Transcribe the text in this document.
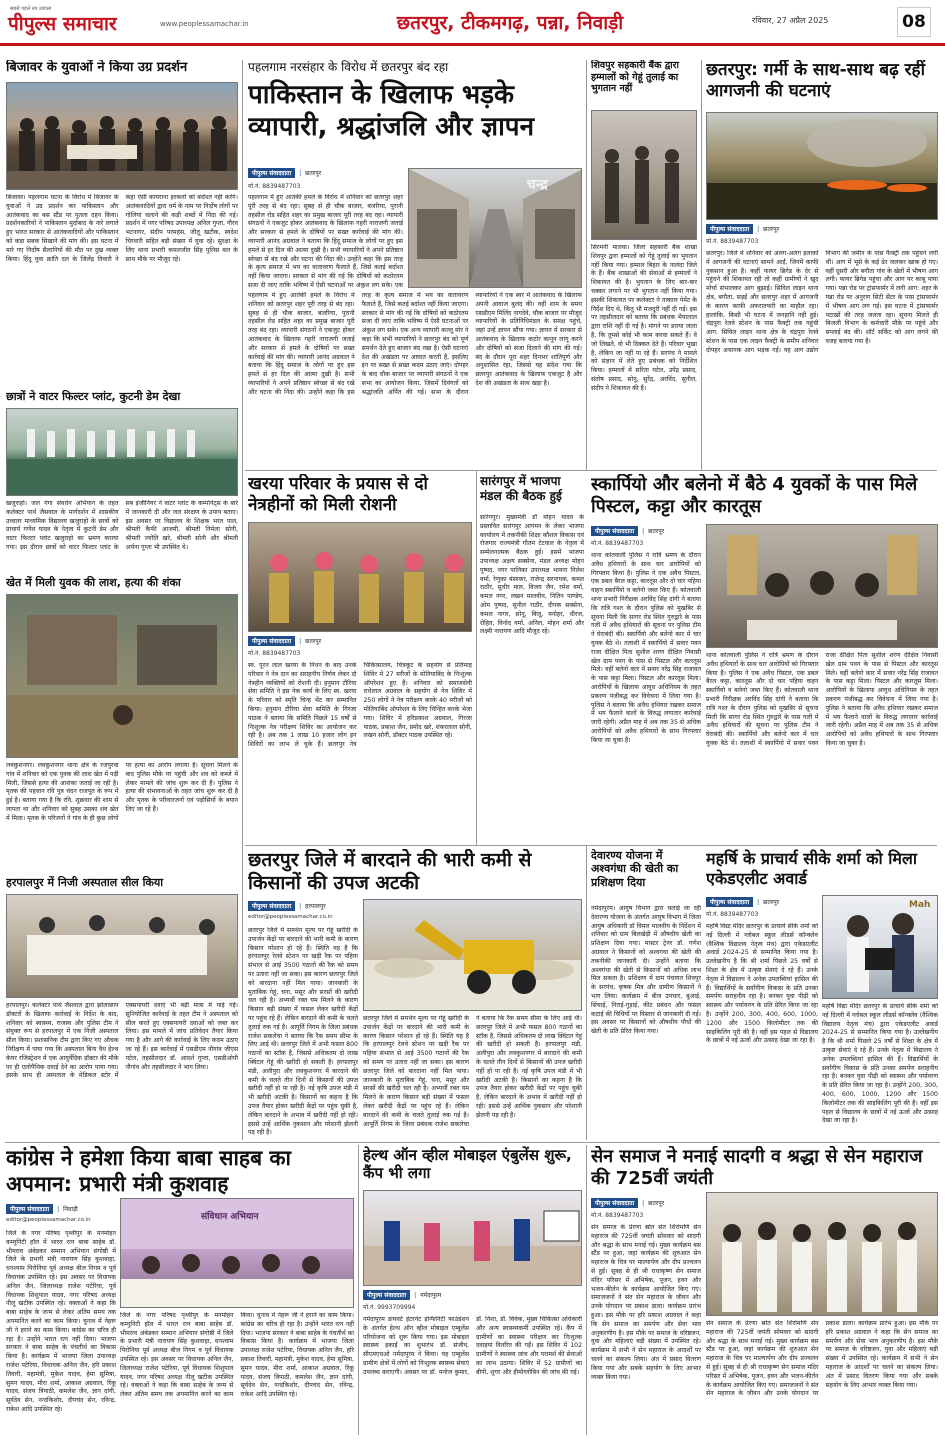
सबसे पहले तय उजाला
पीपुल्स समाचार	www.peoplessamachar.in	छतरपुर, टीकमगढ़, पन्ना, निवाड़ी	रविवार, 27 अप्रैल 2025	08
बिजावर के युवाओं ने किया उग्र प्रदर्शन
बिजावर। पहलगाम घटना के विरोध में बिजावर के युवाओं ने उग्र प्रदर्शन कर पाकिस्तान और आतंकवाद का बस स्टैंड पर पुतला दहन किया। प्रदर्शनकारियों ने पाकिस्तान मुर्दाबाद के नारे लगाते हुए भारत सरकार से आतंकवादियों और पाकिस्तान को कड़ा सबक सिखाने की मांग की। इस घटना में मारे गए निर्दोष सैलानियों की मौत पर दुख व्यक्त किया। हिंदू युवा क्रांति दल के जिलेंद्र तिवारी ने कहा ऐसी कायराना हरकतों को बर्दाश्त नहीं करेंगे। आतंकवादियों द्वारा धर्म के नाम पर निर्दोष लोगों पर गोलियां चलाने की कड़ी शब्दों में निंदा की गई। प्रदर्शन में नगर परिषद उपाध्यक्ष अनिल गुप्ता, गौरव भटनागर, संदीप परमहंस, जीतू खटीक, स्वदेश चिरवारी सहित बड़ी संख्या में युवा रहे। सुरक्षा के लिए थाना प्रभारी कमलजीत सिंह पुलिस बल के साथ मौके पर मौजूद रहे।
छात्रों ने वाटर फिल्टर प्लांट, कुटनी डेम देखा
खजुराहो। जल गंगा संवर्धन अभियान के तहत कलेक्टर पार्थ जैसवाल के मार्गदर्शन में शासकीय उच्चतर माध्यमिक विद्यालय खजुराहो के छात्रों को प्राचार्य गणेश यादव के नेतृत्व में कुटनी डेम और वाटर फिल्टर प्लांट खजुराहो का भ्रमण कराया गया। इस दौरान छात्रों को वाटर फिल्टर प्लांट के सब इंजीनियर ने वाटर प्लांट के कम्पोनेंट्स के बारे में जानकारी दी और जल संरक्षण के उपाय बताए। इस अवसर पर विद्यालय के शिक्षक भरत पाल, श्रीमती कैफी आजमी, श्रीमती निर्मला सोनी, श्रीमती ज्योति खरे, श्रीमती सोनी और श्रीमती अर्चना गुप्ता भी उपस्थित थे।
खेत में मिली युवक की लाश, हत्या की शंका
लवकुशनगर। लवकुशनगर थाना क्षेत्र के रजपुरवा गांव में शनिवार को एक युवक की लाश खेत में पड़ी मिली, जिससे हत्या की आशंका जताई जा रही है। मृतक की पहचान रवि पुत्र चंदन राजपूत के रूप में हुई है। बताया गया है कि रवि, शुक्रवार की शाम से लापता था और शनिवार को सुबह उसका शव खेत में मिला। मृतक के परिजनों ने गांव के ही कुछ लोगों पर हत्या का आरोप लगाया है। सूचना मिलने के बाद पुलिस मौके पर पहुंची और शव को कब्जे में लेकर मामले की जांच शुरू कर दी है। पुलिस ने हत्या की संभावनाओं के तहत जांच शुरू कर दी है और मृतक के परिवारजनों एवं पड़ोसियों के बयान लिए जा रहे हैं।
हरपालपुर में निजी अस्पताल सील किया
हरपालपुर। कलेक्टर पार्थ जैसवाल द्वारा झोलाछाप डॉक्टरों के खिलाफ कार्रवाई के निर्देश के बाद, शनिवार को स्वास्थ्य, राजस्व और पुलिस टीम ने संयुक्त रूप से हरपालपुर में एक निजी अस्पताल सील किया। प्रशासनिक टीम द्वारा किए गए औचक निरीक्षण में पाया गया कि अस्पताल बिना वैध हेल्थ केयर रजिस्ट्रेशन में एक आयुर्वेदिक डॉक्टर की मौके पर ही एलोपैथिक दवाई देने का आरोप पाया गया। इसके साथ ही अस्पताल के मेडिकल स्टोर में एक्सपायरी दवाएं भी बड़ी मात्रा में पाई गईं। सुनियोजित कार्रवाई के तहत टीम ने अस्पताल को सील करते हुए एक्सपायरी दवाओं को जब्त कर लिया। इस मामले में जांच प्रतिवेदन तैयार किया गया है और आगे की कार्रवाई के लिए कदम उठाए जा रहे हैं। इस कार्रवाई में एसडीएम नौगांव जीएस पटेल, तहसीलदार डॉ. आदर्श गुप्ता, एसडीओपी नौगांव और तहसीलदार ने भाग लिया।
पहलगाम नरसंहार के विरोध में छतरपुर बंद रहा
पाकिस्तान के खिलाफ भड़के व्यापारी, श्रद्धांजलि और ज्ञापन
पीपुल्स संवाददाता	| छतरपुर
मो.नं. 8839487703	चन्द्र
पहलगाम में हुए आतंकी हमले के विरोध में शनिवार को छतरपुर शहर पूरी तरह से बंद रहा। सुबह से ही चौक बाजार, बजरिया, पुरानी तहसील रोड सहित शहर का प्रमुख बाजार पूरी तरह बंद रहा। व्यापारी संगठनों ने एकजुट होकर आतंकवाद के खिलाफ गहरी नाराजगी जताई और सरकार से हमले के दोषियों पर सख्त कार्रवाई की मांग की। व्यापारी आनंद अग्रवाल ने बताया कि हिंदू समाज के लोगों पर हुए इस हमले से हर दिल की आत्मा दुखी है। सभी व्यापारियों ने अपने प्रतिष्ठान स्वेच्छा से बंद रखे और घटना की निंदा की। उन्होंने कहा कि इस तरह के कृत्य समाज में भय का वातावरण फैलाते हैं, जिसे कतई बर्दाश्त नहीं किया जाएगा। सरकार से मांग की गई कि दोषियों को कठोरतम सजा दी जाए ताकि भविष्य में ऐसी घटनाओं पर अंकुश लग सके। एक
पहलगाम में हुए आतंकी हमले के विरोध में शनिवार को छतरपुर शहर पूरी तरह से बंद रहा। सुबह से ही चौक बाजार, बजरिया, पुरानी तहसील रोड सहित शहर का प्रमुख बाजार पूरी तरह बंद रहा। व्यापारी संगठनों ने एकजुट होकर आतंकवाद के खिलाफ गहरी नाराजगी जताई और सरकार से हमले के दोषियों पर सख्त कार्रवाई की मांग की। व्यापारी आनंद अग्रवाल ने बताया कि हिंदू समाज के लोगों पर हुए इस हमले से हर दिल की आत्मा दुखी है। सभी व्यापारियों ने अपने प्रतिष्ठान स्वेच्छा से बंद रखे और घटना की निंदा की। उन्होंने कहा कि इस तरह के कृत्य समाज में भय का वातावरण फैलाते हैं, जिसे कतई बर्दाश्त नहीं किया जाएगा। सरकार से मांग की गई कि दोषियों को कठोरतम सजा दी जाए ताकि भविष्य में ऐसी घटनाओं पर अंकुश लग सके। एक अन्य व्यापारी कल्लू मोर ने कहा कि सभी व्यापारियों ने छतरपुर बंद को पूर्ण समर्थन देते हुए बाजार बंद रखा है। ऐसी घटनाएं देश की अखंडता पर आघात करती हैं, इसलिए इन पर सख्त से सख्त कदम उठाए जाएं। दोपहर के बाद चौक बाजार पर व्यापारी संगठनों ने एक सभा का आयोजन किया, जिसमें दिवंगतों को श्रद्धांजलि अर्पित की गई। सभा के दौरान व्यापारियों ने एक स्वर में आतंकवाद के खिलाफ अपनी आवाज बुलंद की। वहीं शाम के समय एसडीएम मिलिंद नागदेवे, चौक बाजार पर मौजूद व्यापारियों के प्रतिनिधिमंडल के समक्ष पहुंचे, जहां उन्हें ज्ञापन सौंपा गया। ज्ञापन में सरकार से आतंकवाद के खिलाफ कठोर कानून लागू करने और दोषियों को सजा दिलाने की मांग की गई। बंद के दौरान पूरा शहर दिनभर शांतिपूर्ण और अनुशासित रहा, जिससे यह संदेश गया कि छतरपुर आतंकवाद के खिलाफ एकजुट है और देश की अखंडता के साथ खड़ा है।
शिवपुर सहकारी बैंक द्वारा हम्मालों को गेहूं तुलाई का भुगतान नहीं
सिरमनी मालवा। जिला सहकारी बैंक शाखा शिवपुर द्वारा हम्मालों को गेहूं तुलाई का भुगतान नहीं किया गया। हम्माल बिहार के नालंदा जिले के हैं। बैंक शाखाओं की सेवाओं से हम्मालों ने शिकायत की है। भुगतान के लिए बार-बार चक्कर लगाने पर भी भुगतान नहीं किया गया। इसकी शिकायत पर कलेक्टर ने तत्काल पेमेंट के निर्देश दिए थे, किंतु भी मजदूरी नहीं दी गई। इस पर तहसीलदार को बताया कि प्रबंधक भैयालाल द्वारा राशि नहीं दी गई है। मांगने पर डराया जाता है, कि तुमसे कोई भी काम करवा सकते हैं। वे जो लिखते, वो भी दिक्कत देते हैं। परिवार भूखा है, लेकिन जा नहीं पा रहे हैं। सरपंच ने मामले को संज्ञान में लेते हुए प्रबंधक को निर्देशित किया। हम्मालों में सरिता पटेल, उपेंद्र प्रसाद, संतोष प्रसाद, सोनू, सुरेंद्र, अरविंद, सुनील, संदीप ने शिकायत की है।
छतरपुर: गर्मी के साथ-साथ बढ़ रहीं आगजनी की घटनाएं
पीपुल्स संवाददाता	| छतरपुर
मो.नं. 8839487703
छतरपुर। जिले में शनिवार को अलग-अलग इलाकों में आगजनी की घटनाएं सामने आईं, जिनमें काफी नुकसान हुआ है। कहीं फायर ब्रिगेड के देर से पहुंचने की शिकायत रही तो कहीं ग्रामीणों ने खुद मोर्चा संभालकर आग बुझाई। सिविल लाइन थाना क्षेत्र, बगौता, सड़ई और छतरपुर शहर में आगजनी के कारण काफी अफरातफरी का माहौल रहा। हालांकि, किसी भी घटना में जनहानि नहीं हुई। चंद्रपुरा रेलवे स्टेशन के पास फैक्ट्री तक पहुंची आग: सिविल लाइन थाना क्षेत्र के चंद्रपुरा रेलवे स्टेशन के पास एक लाइन फैक्ट्री के समीप शनिवार दोपहर अचानक आग भड़क गई। यह आग उद्योग विभाग की जमीन के पास फैक्ट्री तक पहुंचने लगी थी। आग में भूसे के कई ढेर जलकर खाक हो गए। वहीं दूसरी ओर बगौता गांव के खेतों में भीषण आग लगी। फायर ब्रिगेड पहुंचा और आग पर काबू पाया गया। पन्ना रोड पर ट्रांसफार्मर में लगी आग: शहर के पन्ना रोड पर अनुराग सिटी सेंटर के पास ट्रांसफार्मर में भीषण आग लग गई। इस घटना में ट्रांसफार्मर पटाखों की तरह जलता रहा। सूचना मिलते ही बिजली विभाग के कर्मचारी मौके पर पहुंचे और सप्लाई बंद की। शॉर्ट सर्किट को आग लगने की वजह बताया गया है।
खरया परिवार के प्रयास से दो नेत्रहीनों को मिली रोशनी
पीपुल्स संवाददाता	| छतरपुर
मो.नं. 8839487703
स्व. पूरन लाल खरया के निधन के बाद उनके परिवार ने नेत्र दान का सराहनीय निर्णय लेकर दो नेत्रहीन व्यक्तियों को रोशनी दी। हनुमान टौरिया सेवा समिति ने इस नेक कार्य के लिए स्व. खरया के परिवार को स्मृति चिन्ह भेंट कर सम्मानित किया। हनुमान टौरिया सेवा समिति के गिरजा पाठक ने बताया कि समिति पिछले 15 वर्षों से निःशुल्क नेत्र परीक्षण शिविर का आयोजन कर रही है। अब तक 1 लाख 10 हजार लोग इन शिविरों का लाभ ले चुके हैं। छतरपुर नेत्र चिकित्सालय, चित्रकूट के सहयोग से प्रतिमाह शिविर में 27 मरीजों के मोतियाबिंद के निःशुल्क ऑपरेशन हुए हैं। शनिवार को समाजसेवी राधेलाल अग्रवाल के सहयोग से नेत्र शिविर में 250 लोगों ने नेत्र परीक्षण करके 40 मरीजों को मोतियाबिंद ऑपरेशन के लिए चिन्हित करके भेजा गया। शिविर में हरिप्रकाश अग्रवाल, गिरजा पाठक, प्रकाश जैन, प्रमोद खरे, शंकरलाल सोनी, लखन सोनी, डॉक्टर पाठक उपस्थित रहे।
सारंगपुर में भाजपा मंडल की बैठक हुई
सारंगपुर। मुख्यमंत्री डॉ मोहन यादव के प्रस्तावित सारंगपुर आगमन के लेकर भाजपा कार्यालय में तकनीकी शिक्षा कौशल विकास एवं रोजगार राज्यमंत्री गौतम टेटवाल के नेतृत्व में सम्मेलनात्मक बैठक हुई। इसमें भाजपा उपाध्यक्ष अक्षय सक्सेना, मंडल अध्यक्ष मोहन पुष्पद, नगर पालिका उपाध्यक्ष भावना निलेश वर्मा, रेणुका बंसाकर, राजेन्द्र सरनायक, कमल राठौर, सुधीर माल, विजय जैन, रमेश वर्मा, कमल नगर, लखन मालवीय, नितिन पाण्डेय, ओम पुष्पद, सुनील राठौर, दीपक सक्सेना, कमल नागर, सोनू, बिजू, मनोहर, धीरज, रोहित, विनोद वर्मा, अनिल, मोहन शर्मा और लक्ष्मी नारायण आदि मौजूद रहे।
स्कार्पियो और बलेनो में बैठे 4 युवकों के पास मिले पिस्टल, कट्टा और कारतूस
पीपुल्स संवाददाता	| छतरपुर
मो.नं. 8839487703
थाना कोतवाली पुलिस ने रात्रि भ्रमण के दौरान अवैध हथियारों के साथ चार आरोपियों को गिरफ्तार किया है। पुलिस ने एक अवैध पिस्टल, एक डबल बैरल कट्टा, कारतूस और दो चार पहिया वाहन स्कार्पियो व बलेनो जब्त किए हैं। कोतवाली थाना प्रभारी निरीक्षक अरविंद सिंह दांगी ने बताया कि रात्रि गश्त के दौरान पुलिस को मुखबिर से सूचना मिली कि सागर रोड स्थित गुरुद्वारे के पास गली में अवैध हथियारों की सूचना पर पुलिस टीम ने घेराबंदी की। स्कार्पियो और बलेनो कार में चार युवक बैठे थे। तलाशी में स्कार्पियो में सवार पवन राजा दीक्षित पिता सुशील शरण दीक्षित निवासी खेल ग्राम पवन के पास से पिस्टल और कारतूस मिले। वहीं बलेनो कार में सवार नरेंद्र सिंह राजावत के पास कट्टा मिला। पिस्टल और कारतूस मिला। आरोपियों के खिलाफ आयुध अधिनियम के तहत प्रकरण पंजीबद्ध कर विवेचना में लिया गया है। पुलिस ने बताया कि अवैध हथियार रखकर समाज में भय फैलाने वालों के विरुद्ध लगातार कार्रवाई जारी रहेगी। अप्रैल माह में अब तक 35 से अधिक आरोपियों को अवैध हथियारों के साथ गिरफ्तार किया जा चुका है।
थाना कोतवाली पुलिस ने रात्रि भ्रमण के दौरान अवैध हथियारों के साथ चार आरोपियों को गिरफ्तार किया है। पुलिस ने एक अवैध पिस्टल, एक डबल बैरल कट्टा, कारतूस और दो चार पहिया वाहन स्कार्पियो व बलेनो जब्त किए हैं। कोतवाली थाना प्रभारी निरीक्षक अरविंद सिंह दांगी ने बताया कि रात्रि गश्त के दौरान पुलिस को मुखबिर से सूचना मिली कि सागर रोड स्थित गुरुद्वारे के पास गली में अवैध हथियारों की सूचना पर पुलिस टीम ने घेराबंदी की। स्कार्पियो और बलेनो कार में चार युवक बैठे थे। तलाशी में स्कार्पियो में सवार पवन राजा दीक्षित पिता सुशील शरण दीक्षित निवासी खेल ग्राम पवन के पास से पिस्टल और कारतूस मिले। वहीं बलेनो कार में सवार नरेंद्र सिंह राजावत के पास कट्टा मिला। पिस्टल और कारतूस मिला। आरोपियों के खिलाफ आयुध अधिनियम के तहत प्रकरण पंजीबद्ध कर विवेचना में लिया गया है। पुलिस ने बताया कि अवैध हथियार रखकर समाज में भय फैलाने वालों के विरुद्ध लगातार कार्रवाई जारी रहेगी। अप्रैल माह में अब तक 35 से अधिक आरोपियों को अवैध हथियारों के साथ गिरफ्तार किया जा चुका है।
छतरपुर जिले में बारदाने की भारी कमी से किसानों की उपज अटकी
पीपुल्स संवाददाता	| हरपालपुर
editor@peoplessamachar.co.in
छतरपुर जिले में समर्थन मूल्य पर गेहूं खरीदी के उपार्जन केंद्रों पर बारदाने की भारी कमी के कारण किसान परेशान हो रहे हैं। स्थिति यह है कि हरपालपुर रेलवे स्टेशन पर खड़ी रैक पर पहिया संभाल से आई 3500 गठानों की रैक को समय पर उतारा नहीं जा सका। इस कारण छतरपुर जिले को बारदाना नहीं मिल पाया। जानकारी के मुताबिक गेहूं, चना, मसूर और सरसों की खरीदी चल रही है। अभ्यर्थी रक्त यम मिलने के कारण किसान बड़ी संख्या में फसल लेकर खरीदी केंद्रों पर पहुंच रहे हैं। लेकिन बारदाने की कमी के चलते तुलाई रुक गई है। आपूर्ति निगम के जिला प्रबंधक राजेश सकलेचा ने बताया कि रैक समय सीमा के लिए आई थी। छतरपुर जिले में अभी फसल 800 गठानों का स्टॉक है, जिससे अधिकतम दो लाख क्विंटल गेहूं की खरीदी हो सकती है। हरपालपुर मंडी, अलीपुरा और लवकुशनगर में बारदाने की कमी के चलते तीन दिनों से किसानों की उपज खरीदी नहीं हो पा रही है। नई कृषि उपज मंडी में भी खरीदी अटकी है। किसानों का कहना है कि उपज तैयार होकर खरीदी केंद्रों पर पहुंच चुकी है, लेकिन बारदाने के अभाव में खरीदी नहीं हो रही। इससे उन्हें आर्थिक नुकसान और परेशानी झेलनी पड़ रही है।
छतरपुर जिले में समर्थन मूल्य पर गेहूं खरीदी के उपार्जन केंद्रों पर बारदाने की भारी कमी के कारण किसान परेशान हो रहे हैं। स्थिति यह है कि हरपालपुर रेलवे स्टेशन पर खड़ी रैक पर पहिया संभाल से आई 3500 गठानों की रैक को समय पर उतारा नहीं जा सका। इस कारण छतरपुर जिले को बारदाना नहीं मिल पाया। जानकारी के मुताबिक गेहूं, चना, मसूर और सरसों की खरीदी चल रही है। अभ्यर्थी रक्त यम मिलने के कारण किसान बड़ी संख्या में फसल लेकर खरीदी केंद्रों पर पहुंच रहे हैं। लेकिन बारदाने की कमी के चलते तुलाई रुक गई है। आपूर्ति निगम के जिला प्रबंधक राजेश सकलेचा ने बताया कि रैक समय सीमा के लिए आई थी। छतरपुर जिले में अभी फसल 800 गठानों का स्टॉक है, जिससे अधिकतम दो लाख क्विंटल गेहूं की खरीदी हो सकती है। हरपालपुर मंडी, अलीपुरा और लवकुशनगर में बारदाने की कमी के चलते तीन दिनों से किसानों की उपज खरीदी नहीं हो पा रही है। नई कृषि उपज मंडी में भी खरीदी अटकी है। किसानों का कहना है कि उपज तैयार होकर खरीदी केंद्रों पर पहुंच चुकी है, लेकिन बारदाने के अभाव में खरीदी नहीं हो रही। इससे उन्हें आर्थिक नुकसान और परेशानी झेलनी पड़ रही है।
देवारण्य योजना में अश्वगंधा की खेती का प्रशिक्षण दिया
नर्मदापुरम। आयुष विभाग द्वारा चलाई जा रही देवारण्य योजना के अंतर्गत आयुष विभाग में जिला आयुष अधिकारी डॉ विमल मालवीय के निर्देशन में शनिवार को ग्राम बिलखेड़ी में औषधीय खेती का प्रशिक्षण दिया गया। मास्टर ट्रेनर डॉ. गणेश अग्रवाल ने किसानों को अश्वगंधा की खेती की तकनीकी जानकारी दी। उन्होंने बताया कि अश्वगंधा की खेती से किसानों को अधिक लाभ मिल सकता है। प्रशिक्षण में ग्राम पंचायत शिवपुर के सरपंच, कृषक मित्र और ग्रामीण किसानों ने भाग लिया। कार्यक्रम में बीज उपचार, बुआई, सिंचाई, निराई-गुड़ाई, कीट प्रबंधन और फसल कटाई की विधियों पर विस्तार से जानकारी दी गई। इस अवसर पर किसानों को औषधीय पौधों की खेती के प्रति प्रेरित किया गया।
महर्षि के प्राचार्य सीके शर्मा को मिला एकेडएलीट अवार्ड
पीपुल्स संवाददाता	| छतरपुर
मो.नं. 8839487703
Mah
महर्षि विद्या मंदिर छतरपुर के प्राचार्य सीके शर्मा को नई दिल्ली में ग्लोबल स्कूल लीडर्स कॉन्क्लेव (वैश्विक विद्यालय नेतृत्व मंच) द्वारा एकेडएलीट अवार्ड 2024-25 से सम्मानित किया गया है। उल्लेखनीय है कि श्री शर्मा पिछले 25 वर्षों से शिक्षा के क्षेत्र में उत्कृष्ट सेवाएं दे रहे हैं। उनके नेतृत्व में विद्यालय ने अनेक उपलब्धियां हासिल की हैं। विद्यार्थियों के सर्वांगीण विकास के प्रति उनका समर्पण सराहनीय रहा है। बनकर युवा पीढ़ी को स्वास्थ्य और पर्यावरण के प्रति प्रेरित किया जा रहा है। उन्होंने 200, 300, 400, 600, 1000, 1200 और 1500 किलोमीटर तक की साइकिलिंग पूरी की है। वहीं इस पहल से विद्यालय के छात्रों में नई ऊर्जा और उत्साह देखा जा रहा है।
महर्षि विद्या मंदिर छतरपुर के प्राचार्य सीके शर्मा को नई दिल्ली में ग्लोबल स्कूल लीडर्स कॉन्क्लेव (वैश्विक विद्यालय नेतृत्व मंच) द्वारा एकेडएलीट अवार्ड 2024-25 से सम्मानित किया गया है। उल्लेखनीय है कि श्री शर्मा पिछले 25 वर्षों से शिक्षा के क्षेत्र में उत्कृष्ट सेवाएं दे रहे हैं। उनके नेतृत्व में विद्यालय ने अनेक उपलब्धियां हासिल की हैं। विद्यार्थियों के सर्वांगीण विकास के प्रति उनका समर्पण सराहनीय रहा है। बनकर युवा पीढ़ी को स्वास्थ्य और पर्यावरण के प्रति प्रेरित किया जा रहा है। उन्होंने 200, 300, 400, 600, 1000, 1200 और 1500 किलोमीटर तक की साइकिलिंग पूरी की है। वहीं इस पहल से विद्यालय के छात्रों में नई ऊर्जा और उत्साह देखा जा रहा है।
कांग्रेस ने हमेशा किया बाबा साहब का अपमान: प्रभारी मंत्री कुशवाह
पीपुल्स संवाददाता	| निवाड़ी
editor@peoplessamachar.co.in	संविधान अभियान
जिले के नगर परिषद पृथ्वीपुर के मनमोहन कम्युनिटी हॉल में भारत रत्न बाबा साहेब डॉ. भीमराव अंबेडकर सम्मान अभियान संगोष्ठी में जिले के प्रभारी मंत्री नारायण सिंह कुशवाहा, धनश्याम पिरोनिया पूर्व अध्यक्ष बीज निगम व पूर्व विधायक उपस्थित रहे। इस अवसर पर विधायक अनिल जैन, जिलाध्यक्ष राजेश पटेरिया, पूर्व विधायक शिशुपाल यादव, नगर परिषद अध्यक्ष नीलू खटीक उपस्थित रहे। वक्ताओं ने कहा कि बाबा साहेब के जन्म से लेकर अंतिम समय तक अपमानित करने का काम किया। चुनाव में नेहरू जी ने हराने का काम किया। कांग्रेस का चरित्र ही रहा है। उन्होंने भारत रत्न नहीं दिया। भाजपा सरकार ने बाबा साहेब के पंचतीर्थ का विकास किया है। कार्यक्रम में भाजपा जिला उपाध्यक्ष राजेश पटेरिया, विधायक अनिल जैन, हरि प्रकाश तिवारी, महामंत्री, मुकेश यादव, हेमा सुमित्रा, सुमन यादव, मीरा शर्मा, आकाश अग्रवाल, रिंकू यादव, संजय त्रिपाठी, कमलेश जैन, ज्ञान दांगी, सूर्यदेव सेन, नन्दकिशोर, दीपचंद सेन, रविन्द्र, राकेश आदि उपस्थित रहे।
जिले के नगर परिषद पृथ्वीपुर के मनमोहन कम्युनिटी हॉल में भारत रत्न बाबा साहेब डॉ. भीमराव अंबेडकर सम्मान अभियान संगोष्ठी में जिले के प्रभारी मंत्री नारायण सिंह कुशवाहा, धनश्याम पिरोनिया पूर्व अध्यक्ष बीज निगम व पूर्व विधायक उपस्थित रहे। इस अवसर पर विधायक अनिल जैन, जिलाध्यक्ष राजेश पटेरिया, पूर्व विधायक शिशुपाल यादव, नगर परिषद अध्यक्ष नीलू खटीक उपस्थित रहे। वक्ताओं ने कहा कि बाबा साहेब के जन्म से लेकर अंतिम समय तक अपमानित करने का काम किया। चुनाव में नेहरू जी ने हराने का काम किया। कांग्रेस का चरित्र ही रहा है। उन्होंने भारत रत्न नहीं दिया। भाजपा सरकार ने बाबा साहेब के पंचतीर्थ का विकास किया है। कार्यक्रम में भाजपा जिला उपाध्यक्ष राजेश पटेरिया, विधायक अनिल जैन, हरि प्रकाश तिवारी, महामंत्री, मुकेश यादव, हेमा सुमित्रा, सुमन यादव, मीरा शर्मा, आकाश अग्रवाल, रिंकू यादव, संजय त्रिपाठी, कमलेश जैन, ज्ञान दांगी, सूर्यदेव सेन, नन्दकिशोर, दीपचंद सेन, रविन्द्र, राकेश आदि उपस्थित रहे।
हेल्थ ऑन व्हील मोबाइल एंबुलेंस शुरू, कैंप भी लगा
पीपुल्स संवाददाता	| नर्मदापुरम
मो.नं. 9993709994
नर्मदापुरम डायवर्ट इंटरनेट इन्फिनिटी फाउंडेशन के अंतर्गत हेल्थ ऑन व्हील मोबाइल एम्बुलेंस परियोजना को शुरू किया गया। इस मोबाइल स्वास्थ्य इकाई का शुभारंभ डॉ. संजीव, सीएमएचओ नर्मदापुरम ने किया। यह एम्बुलेंस ग्रामीण क्षेत्रों में लोगों को निःशुल्क स्वास्थ्य सेवाएं उपलब्ध कराएगी। अवसर पर डॉ. मनोज कुमार, डॉ. निशा, डॉ. विवेक, मुख्य चिकित्सा अधिकारी और अन्य स्वास्थ्यकर्मी उपस्थित रहे। कैंप में ग्रामीणों का स्वास्थ्य परीक्षण कर निःशुल्क दवाइयां वितरित की गईं। इस शिविर में 102 ग्रामीणों ने स्वास्थ्य जांच और परामर्श की सेवाओं का लाभ उठाया। शिविर में 52 ग्रामीणों का बीपी, शुगर और हीमोग्लोबिन की जांच की गई।
सेन समाज ने मनाई सादगी व श्रद्धा से सेन महाराज की 725वीं जयंती
पीपुल्स संवाददाता	| छतरपुर
मो.नं. 8839487703
सेन समाज के प्रेरणा स्रोत संत शिरोमणि सेन महाराज की 725वीं जयंती सोमवार को सादगी और श्रद्धा के साथ मनाई गई। मुख्य कार्यक्रम बस स्टैंड पर हुआ, जहां कार्यक्रम की शुरुआत सेन महाराज के चित्र पर माल्यार्पण और दीप प्रज्वलन से हुई। सुबह से ही श्री राधाकृष्ण सेन समाज मंदिर परिसर में अभिषेक, पूजन, हवन और भजन-कीर्तन के कार्यक्रम आयोजित किए गए। समाजजनों ने संत सेन महाराज के जीवन और उनके योगदान पर प्रकाश डाला। कार्यक्रम प्रारंभ हुआ। इस मौके पर हरि प्रकाश अग्रवाल ने कहा कि सेन समाज का समर्पण और सेवा भाव अनुकरणीय है। इस मौके पर समाज के वरिष्ठजन, युवा और महिलाएं बड़ी संख्या में उपस्थित रहे। कार्यक्रम में सभी ने सेन महाराज के आदर्शों पर चलने का संकल्प लिया। अंत में प्रसाद वितरण किया गया और सबके सहयोग के लिए आभार व्यक्त किया गया।
सेन समाज के प्रेरणा स्रोत संत शिरोमणि सेन महाराज की 725वीं जयंती सोमवार को सादगी और श्रद्धा के साथ मनाई गई। मुख्य कार्यक्रम बस स्टैंड पर हुआ, जहां कार्यक्रम की शुरुआत सेन महाराज के चित्र पर माल्यार्पण और दीप प्रज्वलन से हुई। सुबह से ही श्री राधाकृष्ण सेन समाज मंदिर परिसर में अभिषेक, पूजन, हवन और भजन-कीर्तन के कार्यक्रम आयोजित किए गए। समाजजनों ने संत सेन महाराज के जीवन और उनके योगदान पर प्रकाश डाला। कार्यक्रम प्रारंभ हुआ। इस मौके पर हरि प्रकाश अग्रवाल ने कहा कि सेन समाज का समर्पण और सेवा भाव अनुकरणीय है। इस मौके पर समाज के वरिष्ठजन, युवा और महिलाएं बड़ी संख्या में उपस्थित रहे। कार्यक्रम में सभी ने सेन महाराज के आदर्शों पर चलने का संकल्प लिया। अंत में प्रसाद वितरण किया गया और सबके सहयोग के लिए आभार व्यक्त किया गया।
